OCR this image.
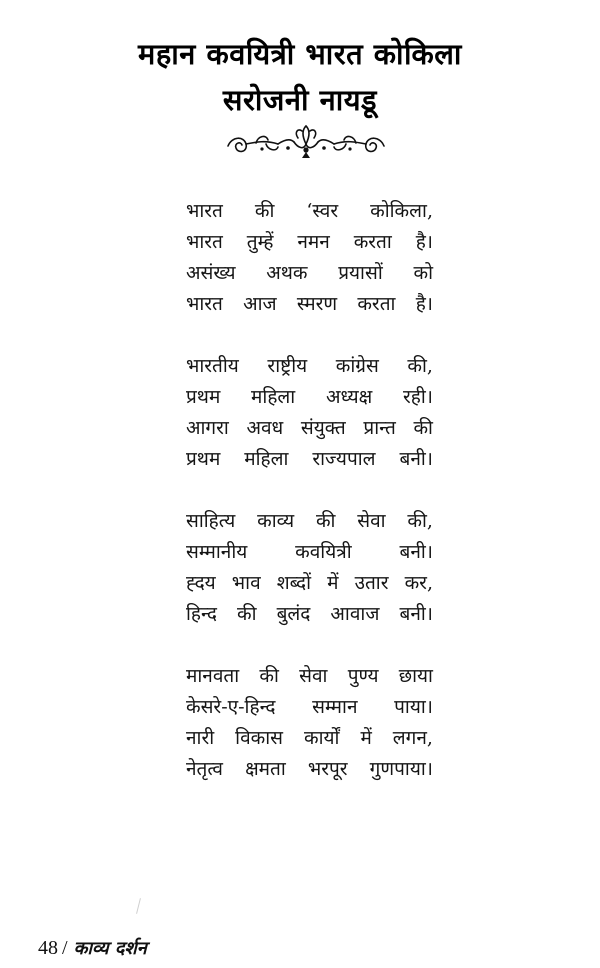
महान कवयित्री भारत कोकिला
सरोजनी नायडू
भारत की ‘स्वर कोकिला,
भारत तुम्हें नमन करता है।
असंख्य अथक प्रयासों को
भारत आज स्मरण करता है।
भारतीय राष्ट्रीय कांग्रेस की,
प्रथम महिला अध्यक्ष रही।
आगरा अवध संयुक्त प्रान्त की
प्रथम महिला राज्यपाल बनी।
साहित्य काव्य की सेवा की,
सम्मानीय	कवयित्री	बनी।
ह्दय भाव शब्दों में उतार कर,
हिन्द की बुलंद आवाज बनी।
मानवता की सेवा पुण्य छाया
केसरे-ए-हिन्द सम्मान पाया।
नारी विकास कार्यों में लगन,
नेतृत्व क्षमता भरपूर गुणपाया।
48 / काव्य दर्शन
